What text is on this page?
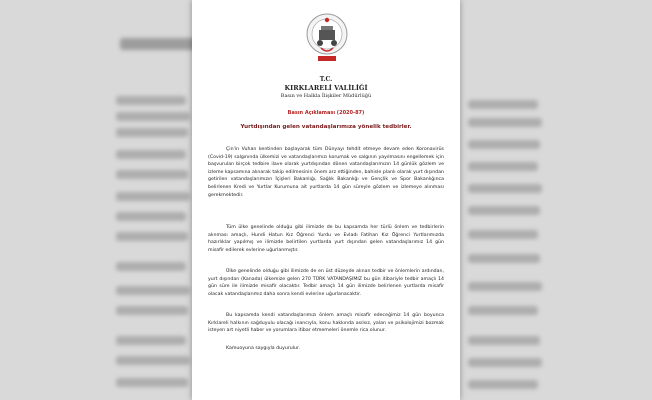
T.C.
KIRKLARELİ VALİLİĞİ
Basın ve Halkla İlişkiler Müdürlüğü
Basın Açıklaması (2020-87)
Yurtdışından gelen vatandaşlarımıza yönelik tedbirler.
Çin'in Vuhan kentinden başlayarak tüm Dünyayı tehdit etmeye devam eden Koronavirüs (Covid-19) salgınında ülkemizi ve vatandaşlarımızı korumak ve salgının yayılmasını engellemek için başvurulan birçok tedbire ilave olarak yurtdışından dönen vatandaşlarımızın 14 günlük gözlem ve izleme kapsamına alınarak takip edilmesinin önem arz ettiğinden, bahisle planlı olarak yurt dışından getirilen vatandaşlarımızın İçişleri Bakanlığı, Sağlık Bakanlığı ve Gençlik ve Spor Bakanlığınca belirlenen Kredi ve Yurtlar Kurumuna ait yurtlarda 14 gün süreyle gözlem ve izlemeye alınması gerekmektedir.
Tüm ülke genelinde olduğu gibi ilimizde de bu kapsamda her türlü önlem ve tedbirlerin alınması amaçlı, Hundi Hatun Kız Öğrenci Yurdu ve Evladı Fatihan Kız Öğrenci Yurtlarımızda hazırlıklar yapılmış ve ilimizde belirtilen yurtlarda yurt dışından gelen vatandaşlarımız 14 gün misafir edilerek evlerine uğurlanmıştır.
Ülke genelinde olduğu gibi ilimizde de en üst düzeyde alınan tedbir ve önlemlerin ardından, yurt dışından (Kanada) ülkemize gelen 270 TÜRK VATANDAŞIMIZ bu gün itibariyle tedbir amaçlı 14 gün süre ile ilimizde misafir olacaktır. Tedbir amaçlı 14 gün ilimizde belirlenen yurtlarda misafir olacak vatandaşlarımız daha sonra kendi evlerine uğurlanacaktır.
Bu kapsamda kendi vatandaşlarımızı önlem amaçlı misafir edeceğimiz 14 gün boyunca Kırklareli halkının sağduyulu olacağı inancıyla, konu hakkında asılsız, yalan ve psikolojimizi bozmak isteyen art niyetli haber ve yorumlara itibar etmemeleri önemle rica olunur.
Kamuoyuna saygıyla duyurulur.
